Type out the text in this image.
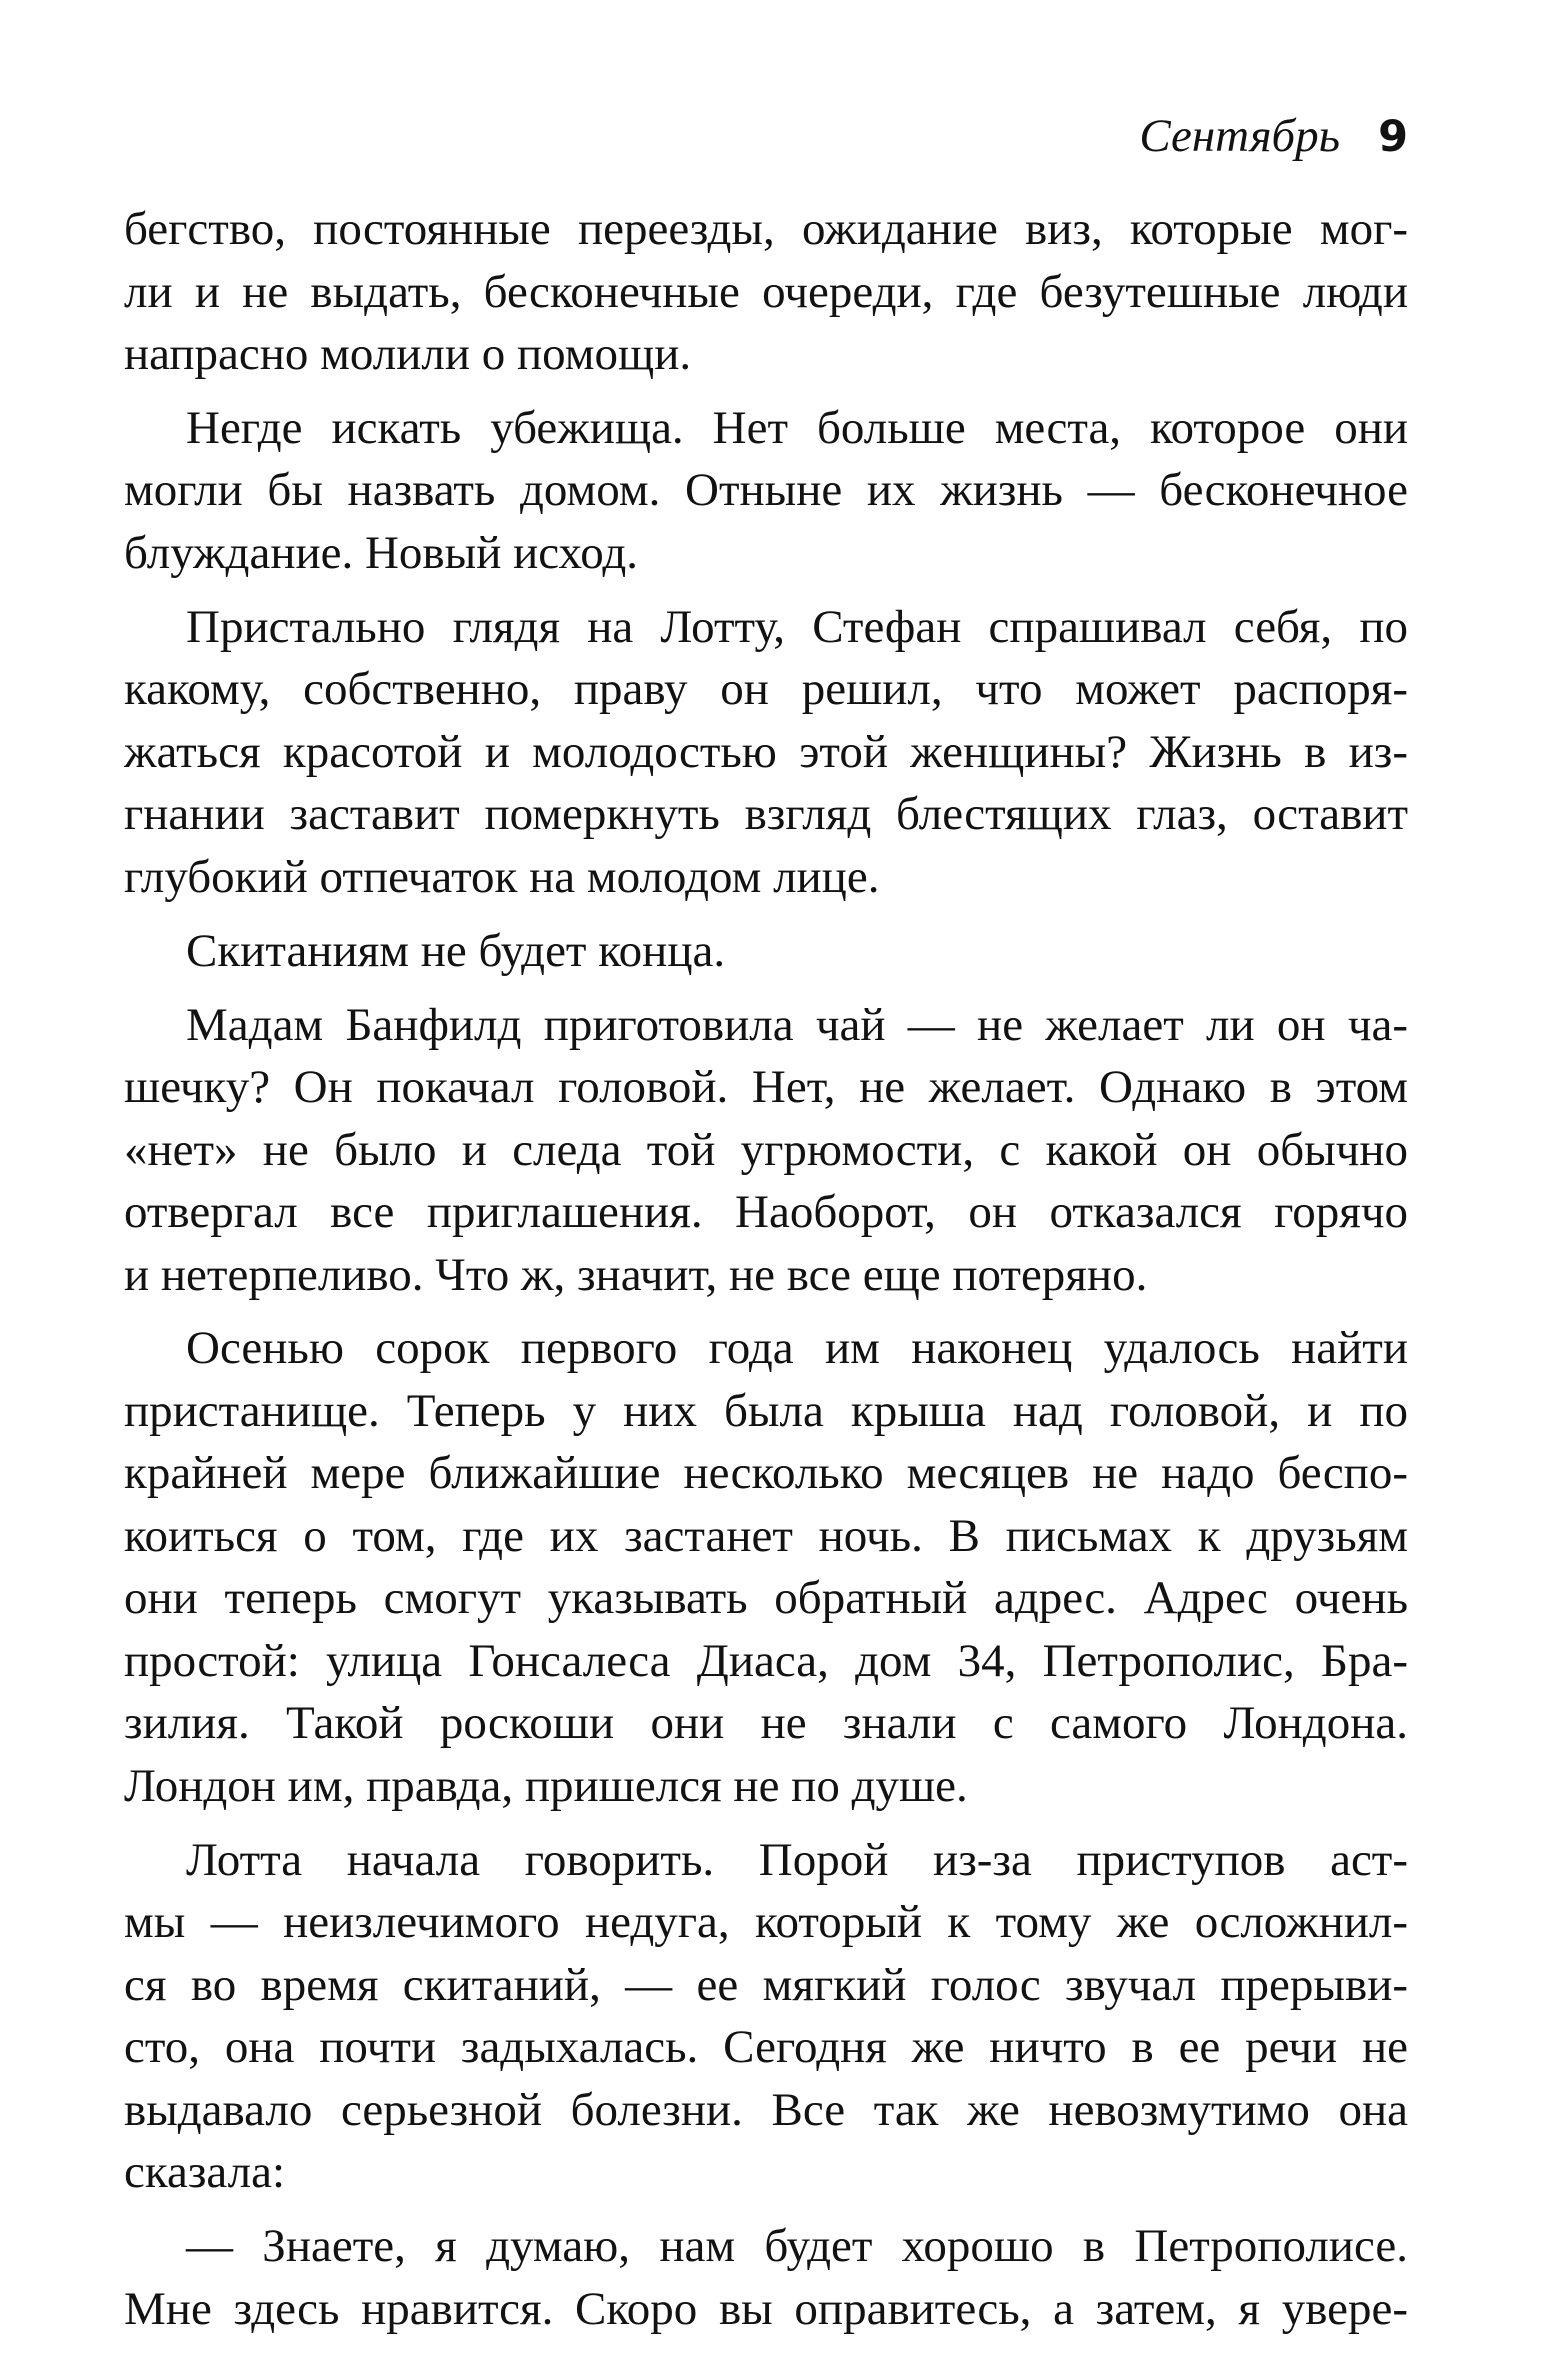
Сентябрь 9
бегство, постоянные переезды, ожидание виз, которые мог-
ли и не выдать, бесконечные очереди, где безутешные люди
напрасно молили о помощи.
Негде искать убежища. Нет больше места, которое они
могли бы назвать домом. Отныне их жизнь — бесконечное
блуждание. Новый исход.
Пристально глядя на Лотту, Стефан спрашивал себя, по
какому, собственно, праву он решил, что может распоря-
жаться красотой и молодостью этой женщины? Жизнь в из-
гнании заставит померкнуть взгляд блестящих глаз, оставит
глубокий отпечаток на молодом лице.
Скитаниям не будет конца.
Мадам Банфилд приготовила чай — не желает ли он ча-
шечку? Он покачал головой. Нет, не желает. Однако в этом
«нет» не было и следа той угрюмости, с какой он обычно
отвергал все приглашения. Наоборот, он отказался горячо
и нетерпеливо. Что ж, значит, не все еще потеряно.
Осенью сорок первого года им наконец удалось найти
пристанище. Теперь у них была крыша над головой, и по
крайней мере ближайшие несколько месяцев не надо беспо-
коиться о том, где их застанет ночь. В письмах к друзьям
они теперь смогут указывать обратный адрес. Адрес очень
простой: улица Гонсалеса Диаса, дом 34, Петрополис, Бра-
зилия. Такой роскоши они не знали с самого Лондона.
Лондон им, правда, пришелся не по душе.
Лотта начала говорить. Порой из-за приступов аст-
мы — неизлечимого недуга, который к тому же осложнил-
ся во время скитаний, — ее мягкий голос звучал прерыви-
сто, она почти задыхалась. Сегодня же ничто в ее речи не
выдавало серьезной болезни. Все так же невозмутимо она
сказала:
— Знаете, я думаю, нам будет хорошо в Петрополисе.
Мне здесь нравится. Скоро вы оправитесь, а затем, я увере-
